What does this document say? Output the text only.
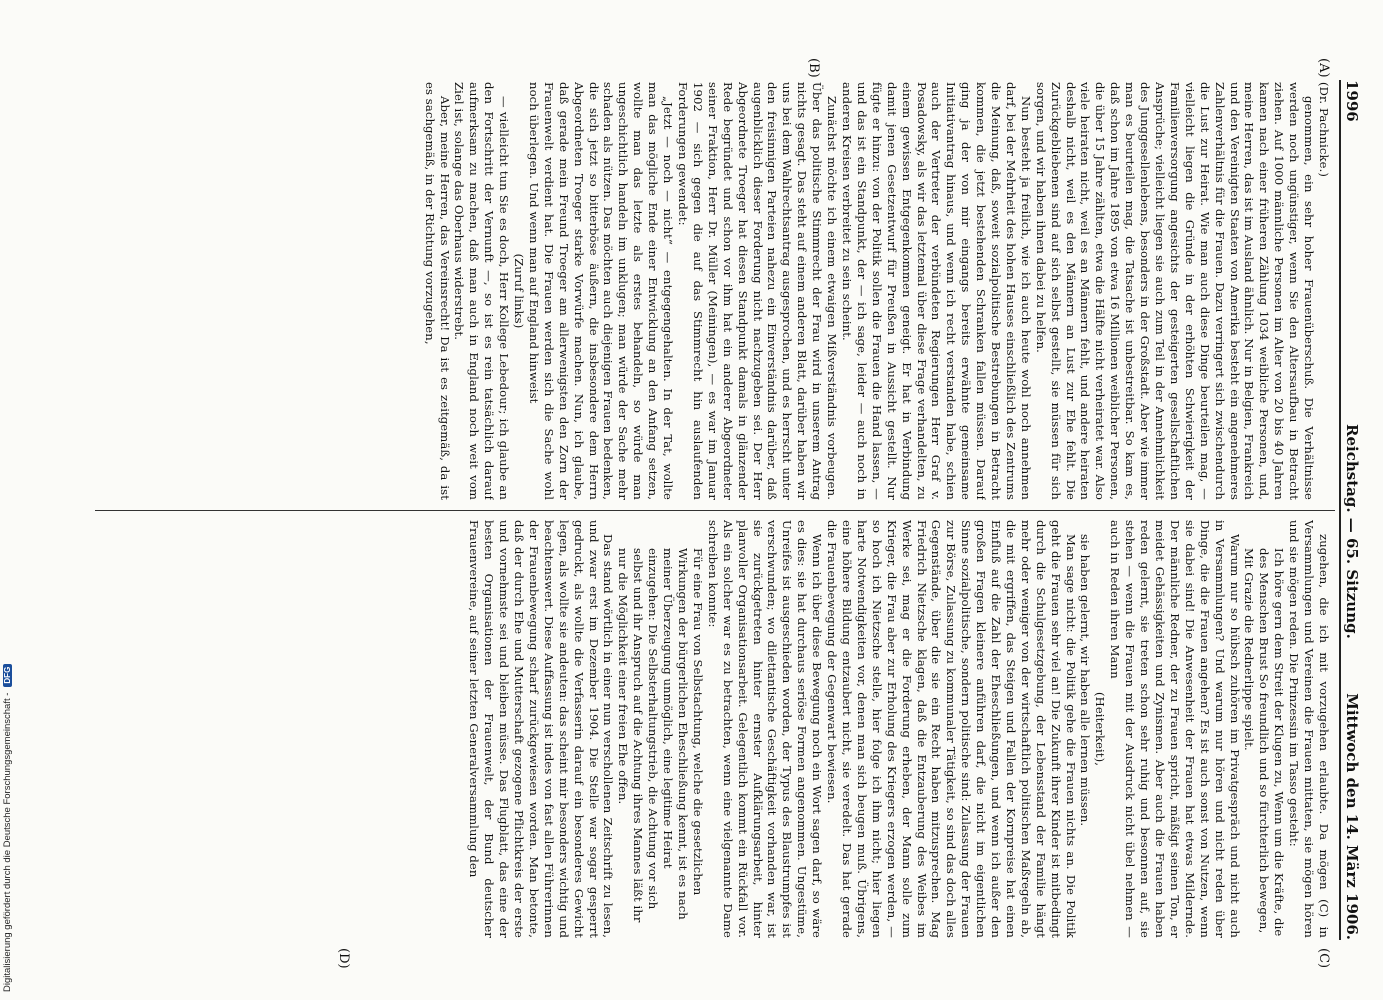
1996
Reichstag. — 65. Sitzung.
Mittwoch den 14. März 1906.
(A)
(B)
(C)
(D)

(Dr. Pachnicke.)

genommen, ein sehr hoher Frauenüberschuß. Die Verhältnisse werden noch ungünstiger, wenn Sie den Altersaufbau in Betracht ziehen. Auf 1000 männliche Personen im Alter von 20 bis 40 Jahren kamen nach einer früheren Zählung 1034 weibliche Personen, und, meine Herren, das ist im Ausland ähnlich. Nur in Belgien, Frankreich und den Vereinigten Staaten von Amerika besteht ein angenehmeres Zahlenverhältnis für die Frauen. Dazu verringert sich zwischendurch die Lust zur Heirat. Wie man auch diese Dinge beurteilen mag, — vielleicht liegen die Gründe in der erhöhten Schwierigkeit der Familienversorgung angesichts der gesteigerten gesellschaftlichen Ansprüche; vielleicht liegen sie auch zum Teil in der Annehmlichkeit des Junggesellenlebens, besonders in der Großstadt. Aber wie immer man es beurteilen mag, die Tatsache ist unbestreitbar. So kam es, daß schon im Jahre 1895 von etwa 16 Millionen weiblicher Personen, die über 15 Jahre zählten, etwa die Hälfte nicht verheiratet war. Also viele heiraten nicht, weil es an Männern fehlt, und andere heiraten deshalb nicht, weil es den Männern an Lust zur Ehe fehlt. Die Zurückgebliebenen sind auf sich selbst gestellt, sie müssen für sich sorgen, und wir haben ihnen dabei zu helfen.

Nun besteht ja freilich, wie ich auch heute wohl noch annehmen darf, bei der Mehrheit des hohen Hauses einschließlich des Zentrums die Meinung, daß, soweit sozialpolitische Bestrebungen in Betracht kommen, die jetzt bestehenden Schranken fallen müssen. Darauf ging ja der von mir eingangs bereits erwähnte gemeinsame Initiativantrag hinaus, und wenn ich recht verstanden habe, schien auch der Vertreter der verbündeten Regierungen Herr Graf v. Posadowsky, als wir das letztemal über diese Frage verhandelten, zu einem gewissen Entgegenkommen geneigt. Er hat in Verbindung damit jenen Gesetzentwurf für Preußen in Aussicht gestellt. Nur fügte er hinzu: von der Politik sollen die Frauen die Hand lassen, — und das ist ein Standpunkt, der — ich sage, leider — auch noch in anderen Kreisen verbreitet zu sein scheint.

Zunächst möchte ich einem etwaigen Mißverständnis vorbeugen. Über das politische Stimmrecht der Frau wird in unserem Antrag nichts gesagt. Das steht auf einem anderen Blatt, darüber haben wir uns bei dem Wahlrechtsantrag ausgesprochen, und es herrscht unter den freisinnigen Parteien nahezu ein Einverständnis darüber, daß augenblicklich dieser Forderung nicht nachzugeben sei. Der Herr Abgeordnete Troeger hat diesen Standpunkt damals in glänzender Rede begründet und schon vor ihm hat ein anderer Abgeordneter seiner Fraktion, Herr Dr. Müller (Meiningen), — es war im Januar 1902 — sich gegen die auf das Stimmrecht hin auslaufenden Forderungen gewendet:

„Jetzt — noch — nicht“ — entgegengehalten. In der Tat, wollte man das mögliche Ende einer Entwicklung an den Anfang setzen, wollte man das letzte als erstes behandeln, so würde man ungeschichtlich handeln im unklugen; man würde der Sache mehr schaden als nützen. Das möchten auch diejenigen Frauen bedenken, die sich jetzt so bitterböse äußern, die insbesondere dem Herrn Abgeordneten Troeger starke Vorwürfe machen. Nun, ich glaube, daß gerade mein Freund Troeger am allerwenigsten den Zorn der Frauenwelt verdient hat. Die Frauen werden sich die Sache wohl noch überlegen. Und wenn man auf England hinweist

(Zuruf links)

— vielleicht tun Sie es doch, Herr Kollege Lebedour; ich glaube an den Fortschritt der Vernunft —, so ist es rein tatsächlich darauf aufmerksam zu machen, daß man auch in England noch weit vom Ziel ist, solange das Oberhaus widerstrebt.

Aber, meine Herren, das Vereinsrecht! Da ist es zeitgemäß, da ist es sachgemäß, in der Richtung vorzugehen,

zugehen, die ich mit vorzugehen erlaubte. Da mögen (C) in Versammlungen und Vereinen die Frauen mittaten, sie mögen hören und sie mögen reden. Die Prinzessin im Tasso gesteht:

Ich höre gern dem Streit der Klugen zu, Wenn um die Kräfte, die des Menschen Brust So freundlich und so fürchterlich bewegen, Mit Grazie die Rednerlippe spielt.

Warum nur so hübsch zuhören im Privatgespräch und nicht auch in Versammlungen? Und warum nur hören und nicht reden über Dinge, die die Frauen angehen? Es ist auch sonst von Nutzen, wenn sie dabei sind! Die Anwesenheit der Frauen hat etwas Mildernde. Der männliche Redner, der zu Frauen spricht, mäßigt seinen Ton, er meidet Gehässigkeiten und Zynismen. Aber auch die Frauen haben reden gelernt, sie treten schon sehr ruhig und besonnen auf, sie stehen — wenn die Frauen mit der Ausdruck nicht übel nehmen — auch in Reden ihren Mann

(Heiterkeit),

sie haben gelernt, wir haben alle lernen müssen.

Man sage nicht: die Politik gehe die Frauen nichts an. Die Politik geht die Frauen sehr viel an! Die Zukunft ihrer Kinder ist mitbedingt durch die Schulgesetzgebung, der Lebensstand der Familie hängt mehr oder weniger von der wirtschaftlich politischen Maßregeln ab, die mit ergriffen, das Steigen und Fallen der Kornpreise hat einen Einfluß auf die Zahl der Eheschließungen, und wenn ich außer den großen Fragen kleinere anführen darf, die nicht im eigentlichen Sinne sozialpolitische, sondern politische sind: Zulassung der Frauen zur Börse, Zulassung zu kommunaler Tätigkeit, so sind das doch alles Gegenstände, über die sie ein Recht haben mitzusprechen. Mag Friedrich Nietzsche klagen, daß die Entzauberung des Weibes im Werke sei, mag er die Forderung erheben, der Mann solle zum Krieger, die Frau aber zur Erholung des Kriegers erzogen werden, — so hoch ich Nietzsche stelle, hier folge ich ihm nicht; hier liegen harte Notwendigkeiten vor, denen man sich beugen muß. Übrigens, eine höhere Bildung entzaubert nicht, sie veredelt. Das hat gerade die Frauenbewegung der Gegenwart bewiesen.

Wenn ich über diese Bewegung noch ein Wort sagen darf, so wäre es dies: sie hat durchaus seriöse Formen angenommen. Ungestüme, Unreifes ist ausgeschieden worden, der Typus des Blaustrumpfes ist verschwunden; wo dilettantische Geschäftigkeit vorhanden war, ist sie zurückgetreten hinter ernster Aufklärungsarbeit, hinter planvoller Organisationsarbeit. Gelegentlich kommt ein Rückfall vor. Als ein solcher war es zu betrachten, wenn eine vielgenannte Dame schreiben konnte:

Für eine Frau von Selbstachtung, welche die gesetzlichen Wirkungen der bürgerlichen Eheschließung kennt, ist es nach meiner Überzeugung unmöglich, eine legitime Heirat einzugehen: Die Selbsterhaltungstrieb, die Achtung vor sich selbst und ihr Anspruch auf die Achtung ihres Mannes läßt ihr nur die Möglichkeit einer freien Ehe offen.

Das stand wörtlich in einer nun verschollenen Zeitschrift zu lesen, und zwar erst im Dezember 1904. Die Stelle war sogar gesperrt gedruckt, als wollte die Verfasserin darauf ein besonderes Gewicht legen, als wollte sie andeuten: das scheint mir besonders wichtig und beachtenswert. Diese Auffassung ist indes von fast allen Führerinnen der Frauenbewegung scharf zurückgewiesen worden. Man betonte, daß der durch Ehe und Mutterschaft gezogene Pflichtkreis der erste und vornehmste sei und bleiben müsse. Das Flugblatt, das eine der besten Organisationen der Frauenwelt, der Bund deutscher Frauenvereine, auf seiner letzten Generalversammlung den

Digitalisierung gefördert durch die Deutsche Forschungsgemeinschaft -
DFG
